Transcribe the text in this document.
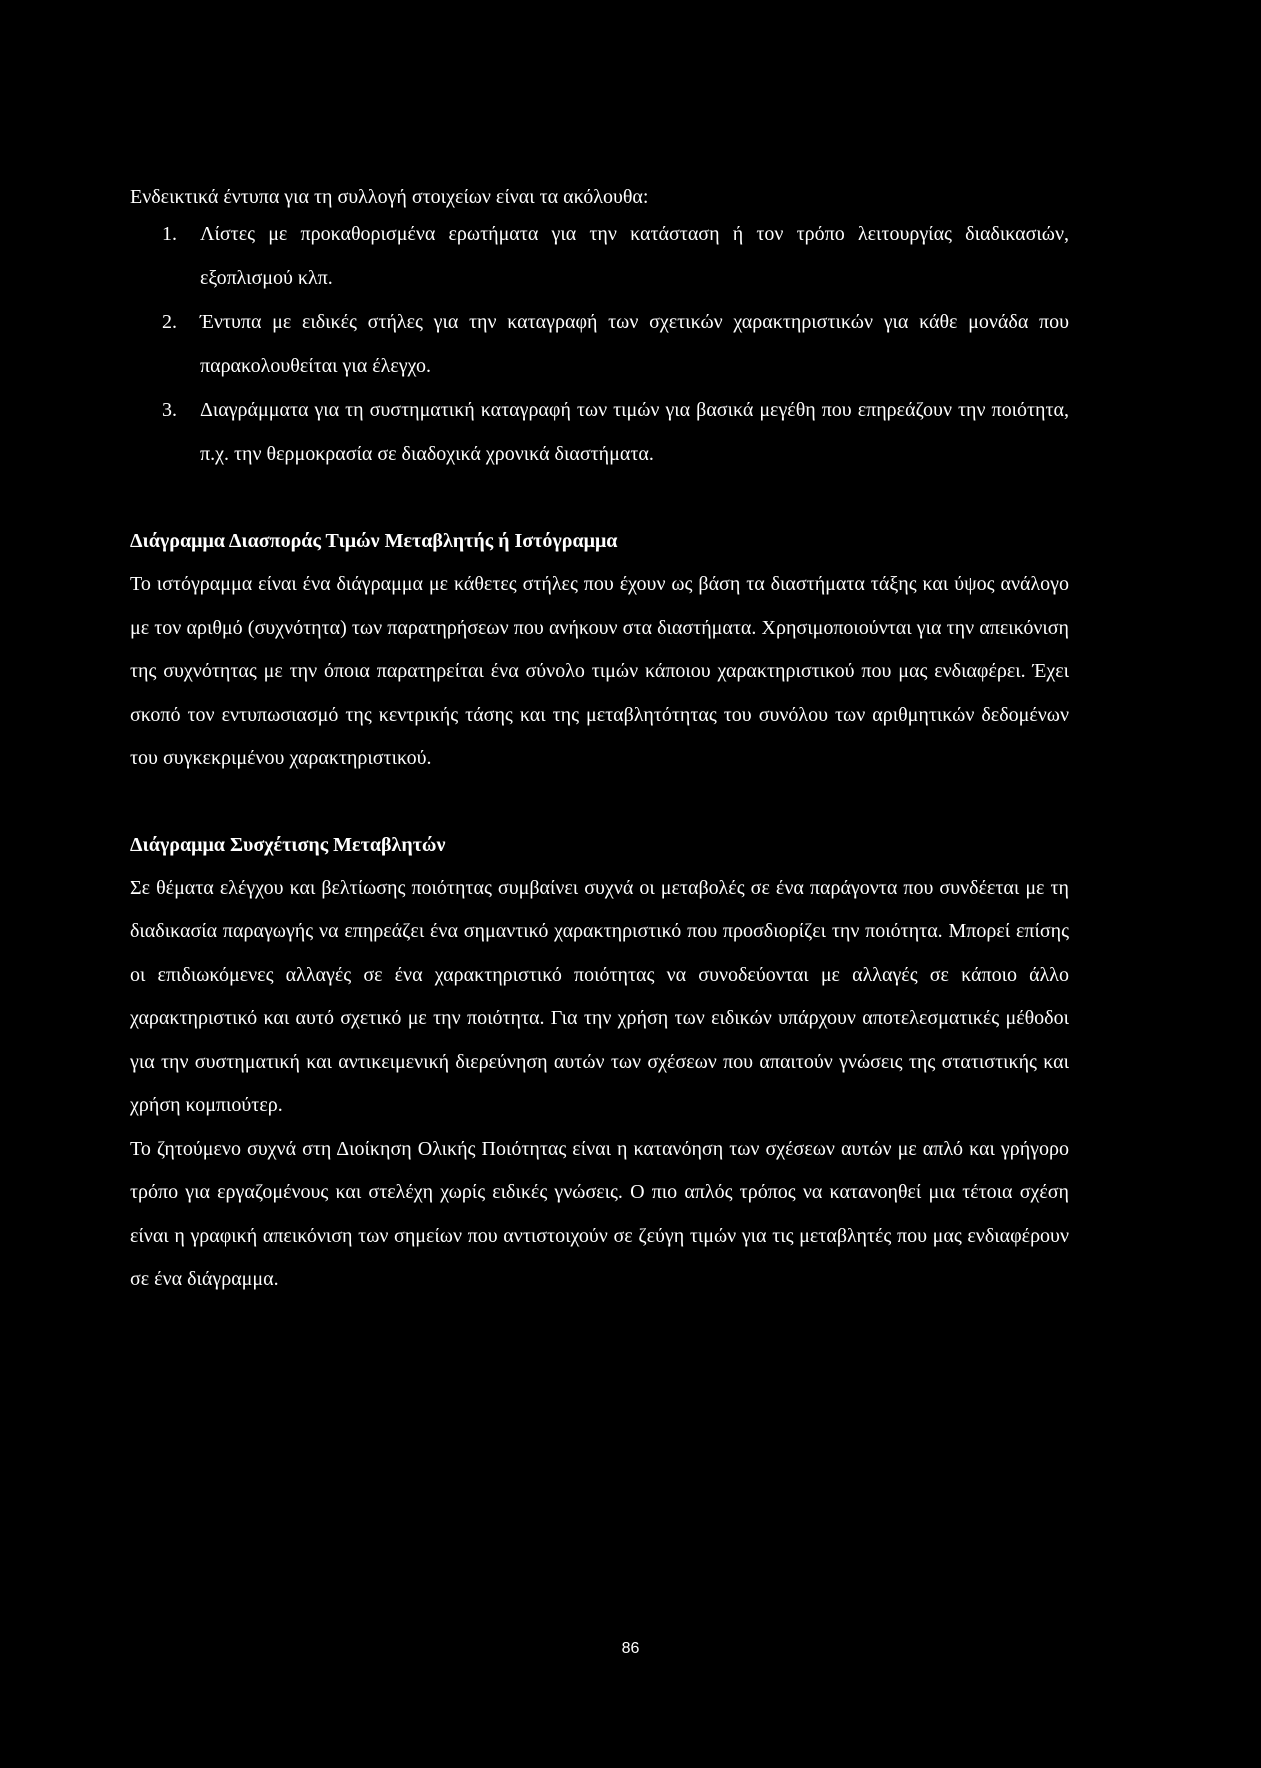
Ενδεικτικά έντυπα για τη συλλογή στοιχείων είναι τα ακόλουθα:

1. Λίστες με προκαθορισμένα ερωτήματα για την κατάσταση ή τον τρόπο λειτουργίας διαδικασιών, εξοπλισμού κλπ.
2. Έντυπα με ειδικές στήλες για την καταγραφή των σχετικών χαρακτηριστικών για κάθε μονάδα που παρακολουθείται για έλεγχο.
3. Διαγράμματα για τη συστηματική καταγραφή των τιμών για βασικά μεγέθη που επηρεάζουν την ποιότητα, π.χ. την θερμοκρασία σε διαδοχικά χρονικά διαστήματα.

Διάγραμμα Διασποράς Τιμών Μεταβλητής ή Ιστόγραμμα

Το ιστόγραμμα είναι ένα διάγραμμα με κάθετες στήλες που έχουν ως βάση τα διαστήματα τάξης και ύψος ανάλογο με τον αριθμό (συχνότητα) των παρατηρήσεων που ανήκουν στα διαστήματα. Χρησιμοποιούνται για την απεικόνιση της συχνότητας με την όποια παρατηρείται ένα σύνολο τιμών κάποιου χαρακτηριστικού που μας ενδιαφέρει. Έχει σκοπό τον εντυπωσιασμό της κεντρικής τάσης και της μεταβλητότητας του συνόλου των αριθμητικών δεδομένων του συγκεκριμένου χαρακτηριστικού.

Διάγραμμα Συσχέτισης Μεταβλητών

Σε θέματα ελέγχου και βελτίωσης ποιότητας συμβαίνει συχνά οι μεταβολές σε ένα παράγοντα που συνδέεται με τη διαδικασία παραγωγής να επηρεάζει ένα σημαντικό χαρακτηριστικό που προσδιορίζει την ποιότητα. Μπορεί επίσης οι επιδιωκόμενες αλλαγές σε ένα χαρακτηριστικό ποιότητας να συνοδεύονται με αλλαγές σε κάποιο άλλο χαρακτηριστικό και αυτό σχετικό με την ποιότητα. Για την χρήση των ειδικών υπάρχουν αποτελεσματικές μέθοδοι για την συστηματική και αντικειμενική διερεύνηση αυτών των σχέσεων που απαιτούν γνώσεις της στατιστικής και χρήση κομπιούτερ.

Το ζητούμενο συχνά στη Διοίκηση Ολικής Ποιότητας είναι η κατανόηση των σχέσεων αυτών με απλό και γρήγορο τρόπο για εργαζομένους και στελέχη χωρίς ειδικές γνώσεις. Ο πιο απλός τρόπος να κατανοηθεί μια τέτοια σχέση είναι η γραφική απεικόνιση των σημείων που αντιστοιχούν σε ζεύγη τιμών για τις μεταβλητές που μας ενδιαφέρουν σε ένα διάγραμμα.

86
